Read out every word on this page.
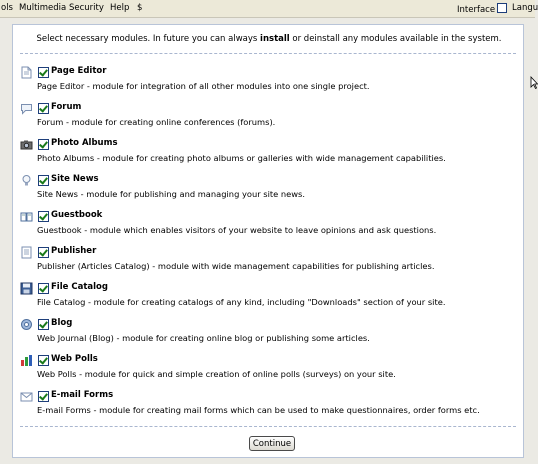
ols Multimedia Security Help $	Interface	Langu
Select necessary modules. In future you can always install or deinstall any modules available in the system.
Page Editor
Page Editor - module for integration of all other modules into one single project.
Forum
Forum - module for creating online conferences (forums).
Photo Albums
Photo Albums - module for creating photo albums or galleries with wide management capabilities.
Site News
Site News - module for publishing and managing your site news.
Guestbook
Guestbook - module which enables visitors of your website to leave opinions and ask questions.
Publisher
Publisher (Articles Catalog) - module with wide management capabilities for publishing articles.
File Catalog
File Catalog - module for creating catalogs of any kind, including "Downloads" section of your site.
Blog
Web Journal (Blog) - module for creating online blog or publishing some articles.
Web Polls
Web Polls - module for quick and simple creation of online polls (surveys) on your site.
E-mail Forms
E-mail Forms - module for creating mail forms which can be used to make questionnaires, order forms etc.
Continue
